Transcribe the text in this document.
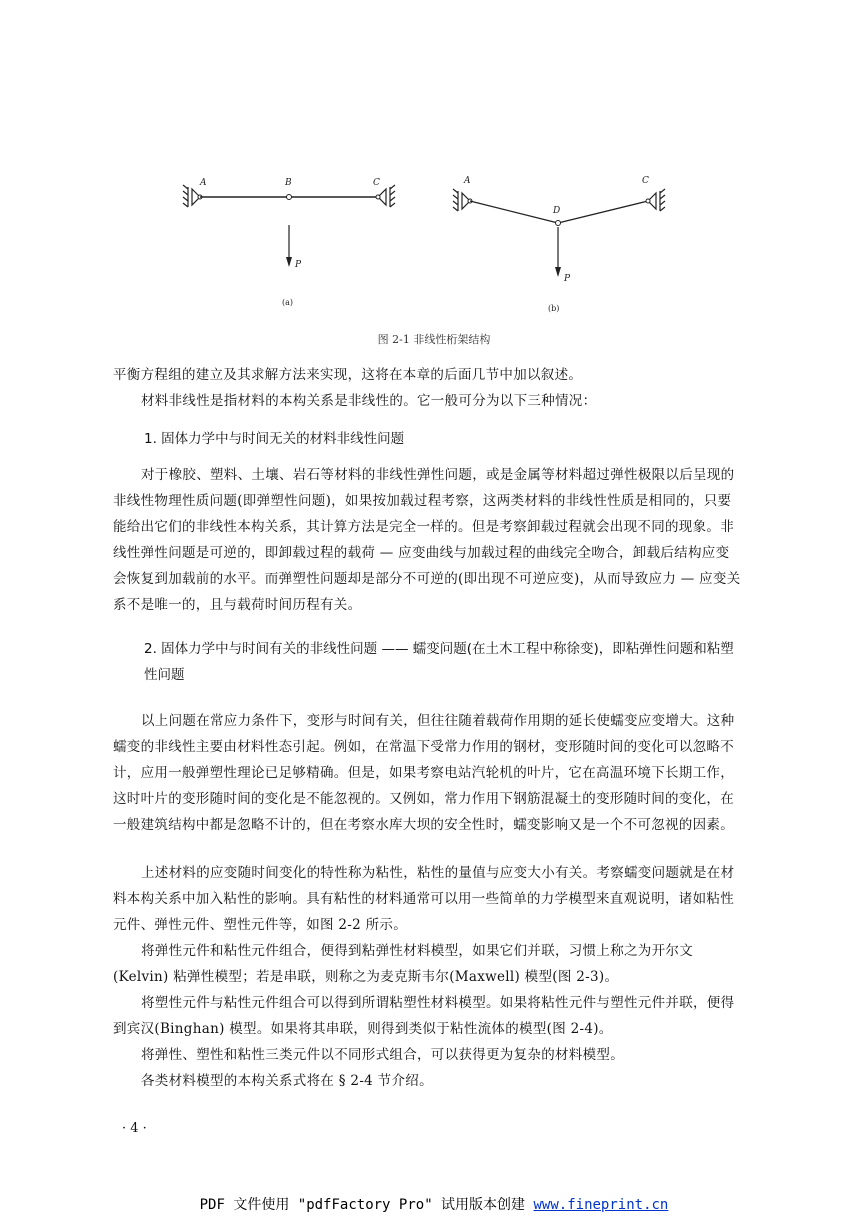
A	B	C
P
(a)
A
D
C
P
(b)
图 2-1 非线性桁架结构
平衡方程组的建立及其求解方法来实现，这将在本章的后面几节中加以叙述。
材料非线性是指材料的本构关系是非线性的。它一般可分为以下三种情况：
1. 固体力学中与时间无关的材料非线性问题
对于橡胶、塑料、土壤、岩石等材料的非线性弹性问题，或是金属等材料超过弹性极限以后呈现的非线性物理性质问题(即弹塑性问题)，如果按加载过程考察，这两类材料的非线性性质是相同的，只要能给出它们的非线性本构关系，其计算方法是完全一样的。但是考察卸载过程就会出现不同的现象。非线性弹性问题是可逆的，即卸载过程的载荷 — 应变曲线与加载过程的曲线完全吻合，卸载后结构应变会恢复到加载前的水平。而弹塑性问题却是部分不可逆的(即出现不可逆应变)，从而导致应力 — 应变关系不是唯一的，且与载荷时间历程有关。
2. 固体力学中与时间有关的非线性问题 —— 蠕变问题(在土木工程中称徐变)，即粘弹性问题和粘塑性问题
以上问题在常应力条件下，变形与时间有关，但往往随着载荷作用期的延长使蠕变应变增大。这种蠕变的非线性主要由材料性态引起。例如，在常温下受常力作用的钢材，变形随时间的变化可以忽略不计，应用一般弹塑性理论已足够精确。但是，如果考察电站汽轮机的叶片，它在高温环境下长期工作，这时叶片的变形随时间的变化是不能忽视的。又例如，常力作用下钢筋混凝土的变形随时间的变化，在一般建筑结构中都是忽略不计的，但在考察水库大坝的安全性时，蠕变影响又是一个不可忽视的因素。
上述材料的应变随时间变化的特性称为粘性，粘性的量值与应变大小有关。考察蠕变问题就是在材料本构关系中加入粘性的影响。具有粘性的材料通常可以用一些简单的力学模型来直观说明，诸如粘性元件、弹性元件、塑性元件等，如图 2-2 所示。
将弹性元件和粘性元件组合，便得到粘弹性材料模型，如果它们并联，习惯上称之为开尔文(Kelvin) 粘弹性模型；若是串联，则称之为麦克斯韦尔(Maxwell) 模型(图 2-3)。
将塑性元件与粘性元件组合可以得到所谓粘塑性材料模型。如果将粘性元件与塑性元件并联，便得到宾汉(Binghan) 模型。如果将其串联，则得到类似于粘性流体的模型(图 2-4)。
将弹性、塑性和粘性三类元件以不同形式组合，可以获得更为复杂的材料模型。
各类材料模型的本构关系式将在 § 2-4 节介绍。
· 4 ·
PDF 文件使用 "pdfFactory Pro" 试用版本创建 www.fineprint.cn
